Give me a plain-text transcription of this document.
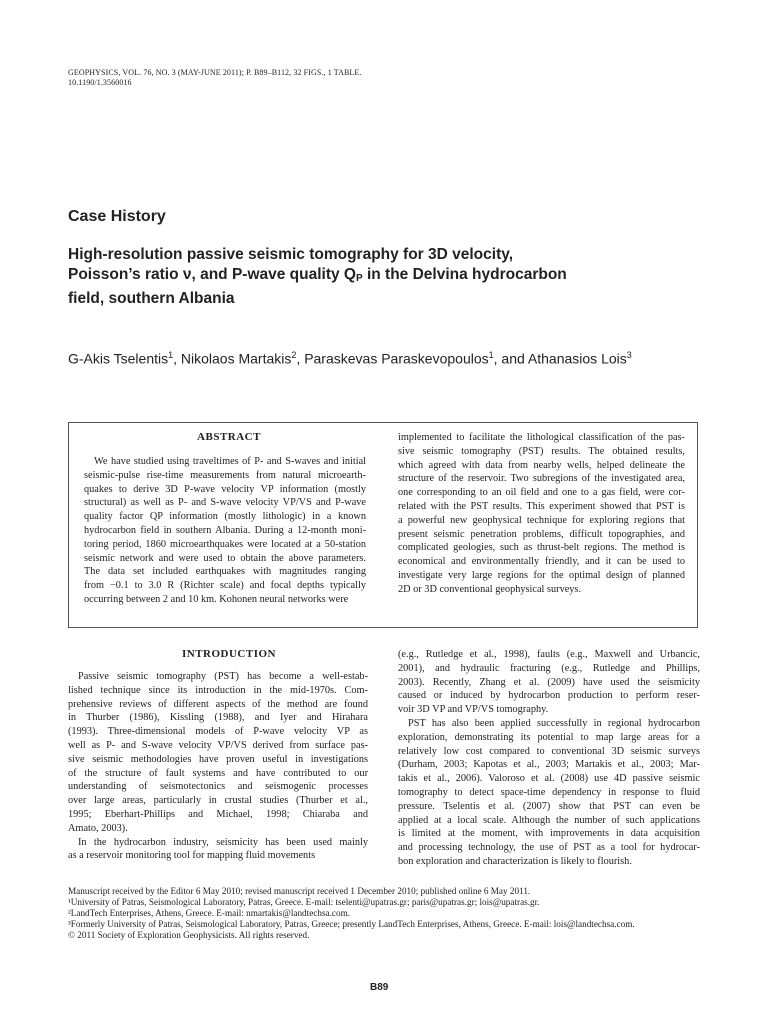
GEOPHYSICS, VOL. 76, NO. 3 (MAY-JUNE 2011); P. B89–B112, 32 FIGS., 1 TABLE.
10.1190/1.3560016
Case History
High-resolution passive seismic tomography for 3D velocity,
Poisson’s ratio ν, and P-wave quality QP in the Delvina hydrocarbon
field, southern Albania
G-Akis Tselentis$^1$, Nikolaos Martakis$^2$, Paraskevas Paraskevopoulos$^1$, and Athanasios Lois$^3$
ABSTRACT
We have studied using traveltimes of P- and S-waves and initial
seismic-pulse rise-time measurements from natural microearth-
quakes to derive 3D P-wave velocity VP information (mostly
structural) as well as P- and S-wave velocity VP/VS and P-wave
quality factor QP information (mostly lithologic) in a known
hydrocarbon field in southern Albania. During a 12-month moni-
toring period, 1860 microearthquakes were located at a 50-station
seismic network and were used to obtain the above parameters.
The data set included earthquakes with magnitudes ranging
from −0.1 to 3.0 R (Richter scale) and focal depths typically
occurring between 2 and 10 km. Kohonen neural networks were
implemented to facilitate the lithological classification of the pas-
sive seismic tomography (PST) results. The obtained results,
which agreed with data from nearby wells, helped delineate the
structure of the reservoir. Two subregions of the investigated area,
one corresponding to an oil field and one to a gas field, were cor-
related with the PST results. This experiment showed that PST is
a powerful new geophysical technique for exploring regions that
present seismic penetration problems, difficult topographies, and
complicated geologies, such as thrust-belt regions. The method is
economical and environmentally friendly, and it can be used to
investigate very large regions for the optimal design of planned
2D or 3D conventional geophysical surveys.
INTRODUCTION
Passive seismic tomography (PST) has become a well-estab-
lished technique since its introduction in the mid-1970s. Com-
prehensive reviews of different aspects of the method are found
in Thurber (1986), Kissling (1988), and Iyer and Hirahara
(1993). Three-dimensional models of P-wave velocity VP as
well as P- and S-wave velocity VP/VS derived from surface pas-
sive seismic methodologies have proven useful in investigations
of the structure of fault systems and have contributed to our
understanding of seismotectonics and seismogenic processes
over large areas, particularly in crustal studies (Thurber et al.,
1995; Eberhart-Phillips and Michael, 1998; Chiaraba and
Amato, 2003).
In the hydrocarbon industry, seismicity has been used mainly
as a reservoir monitoring tool for mapping fluid movements
(e.g., Rutledge et al., 1998), faults (e.g., Maxwell and Urbancic,
2001), and hydraulic fracturing (e.g., Rutledge and Phillips,
2003). Recently, Zhang et al. (2009) have used the seismicity
caused or induced by hydrocarbon production to perform reser-
voir 3D VP and VP/VS tomography.
PST has also been applied successfully in regional hydrocarbon
exploration, demonstrating its potential to map large areas for a
relatively low cost compared to conventional 3D seismic surveys
(Durham, 2003; Kapotas et al., 2003; Martakis et al., 2003; Mar-
takis et al., 2006). Valoroso et al. (2008) use 4D passive seismic
tomography to detect space-time dependency in response to fluid
pressure. Tselentis et al. (2007) show that PST can even be
applied at a local scale. Although the number of such applications
is limited at the moment, with improvements in data acquisition
and processing technology, the use of PST as a tool for hydrocar-
bon exploration and characterization is likely to flourish.
Manuscript received by the Editor 6 May 2010; revised manuscript received 1 December 2010; published online 6 May 2011.
¹University of Patras, Seismological Laboratory, Patras, Greece. E-mail: tselenti@upatras.gr; paris@upatras.gr; lois@upatras.gr.
²LandTech Enterprises, Athens, Greece. E-mail: nmartakis@landtechsa.com.
³Formerly University of Patras, Seismological Laboratory, Patras, Greece; presently LandTech Enterprises, Athens, Greece. E-mail: lois@landtechsa.com.
© 2011 Society of Exploration Geophysicists. All rights reserved.
B89
